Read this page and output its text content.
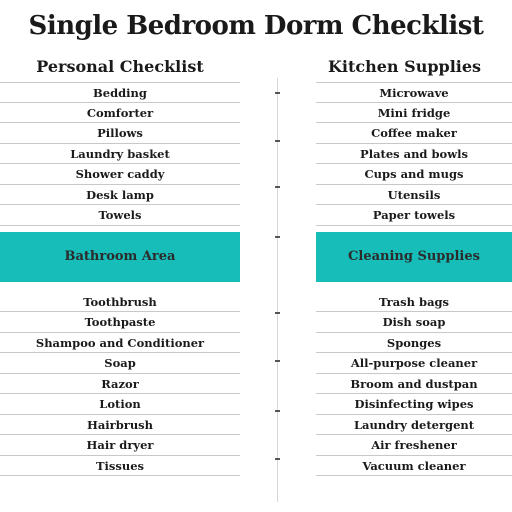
Single Bedroom Dorm Checklist
Personal Checklist
Bedding
Comforter
Pillows
Laundry basket
Shower caddy
Desk lamp
Towels
Bathroom Area
Toothbrush
Toothpaste
Shampoo and Conditioner
Soap
Razor
Lotion
Hairbrush
Hair dryer
Tissues
Kitchen Supplies
Microwave
Mini fridge
Coffee maker
Plates and bowls
Cups and mugs
Utensils
Paper towels
Cleaning Supplies
Trash bags
Dish soap
Sponges
All-purpose cleaner
Broom and dustpan
Disinfecting wipes
Laundry detergent
Air freshener
Vacuum cleaner
